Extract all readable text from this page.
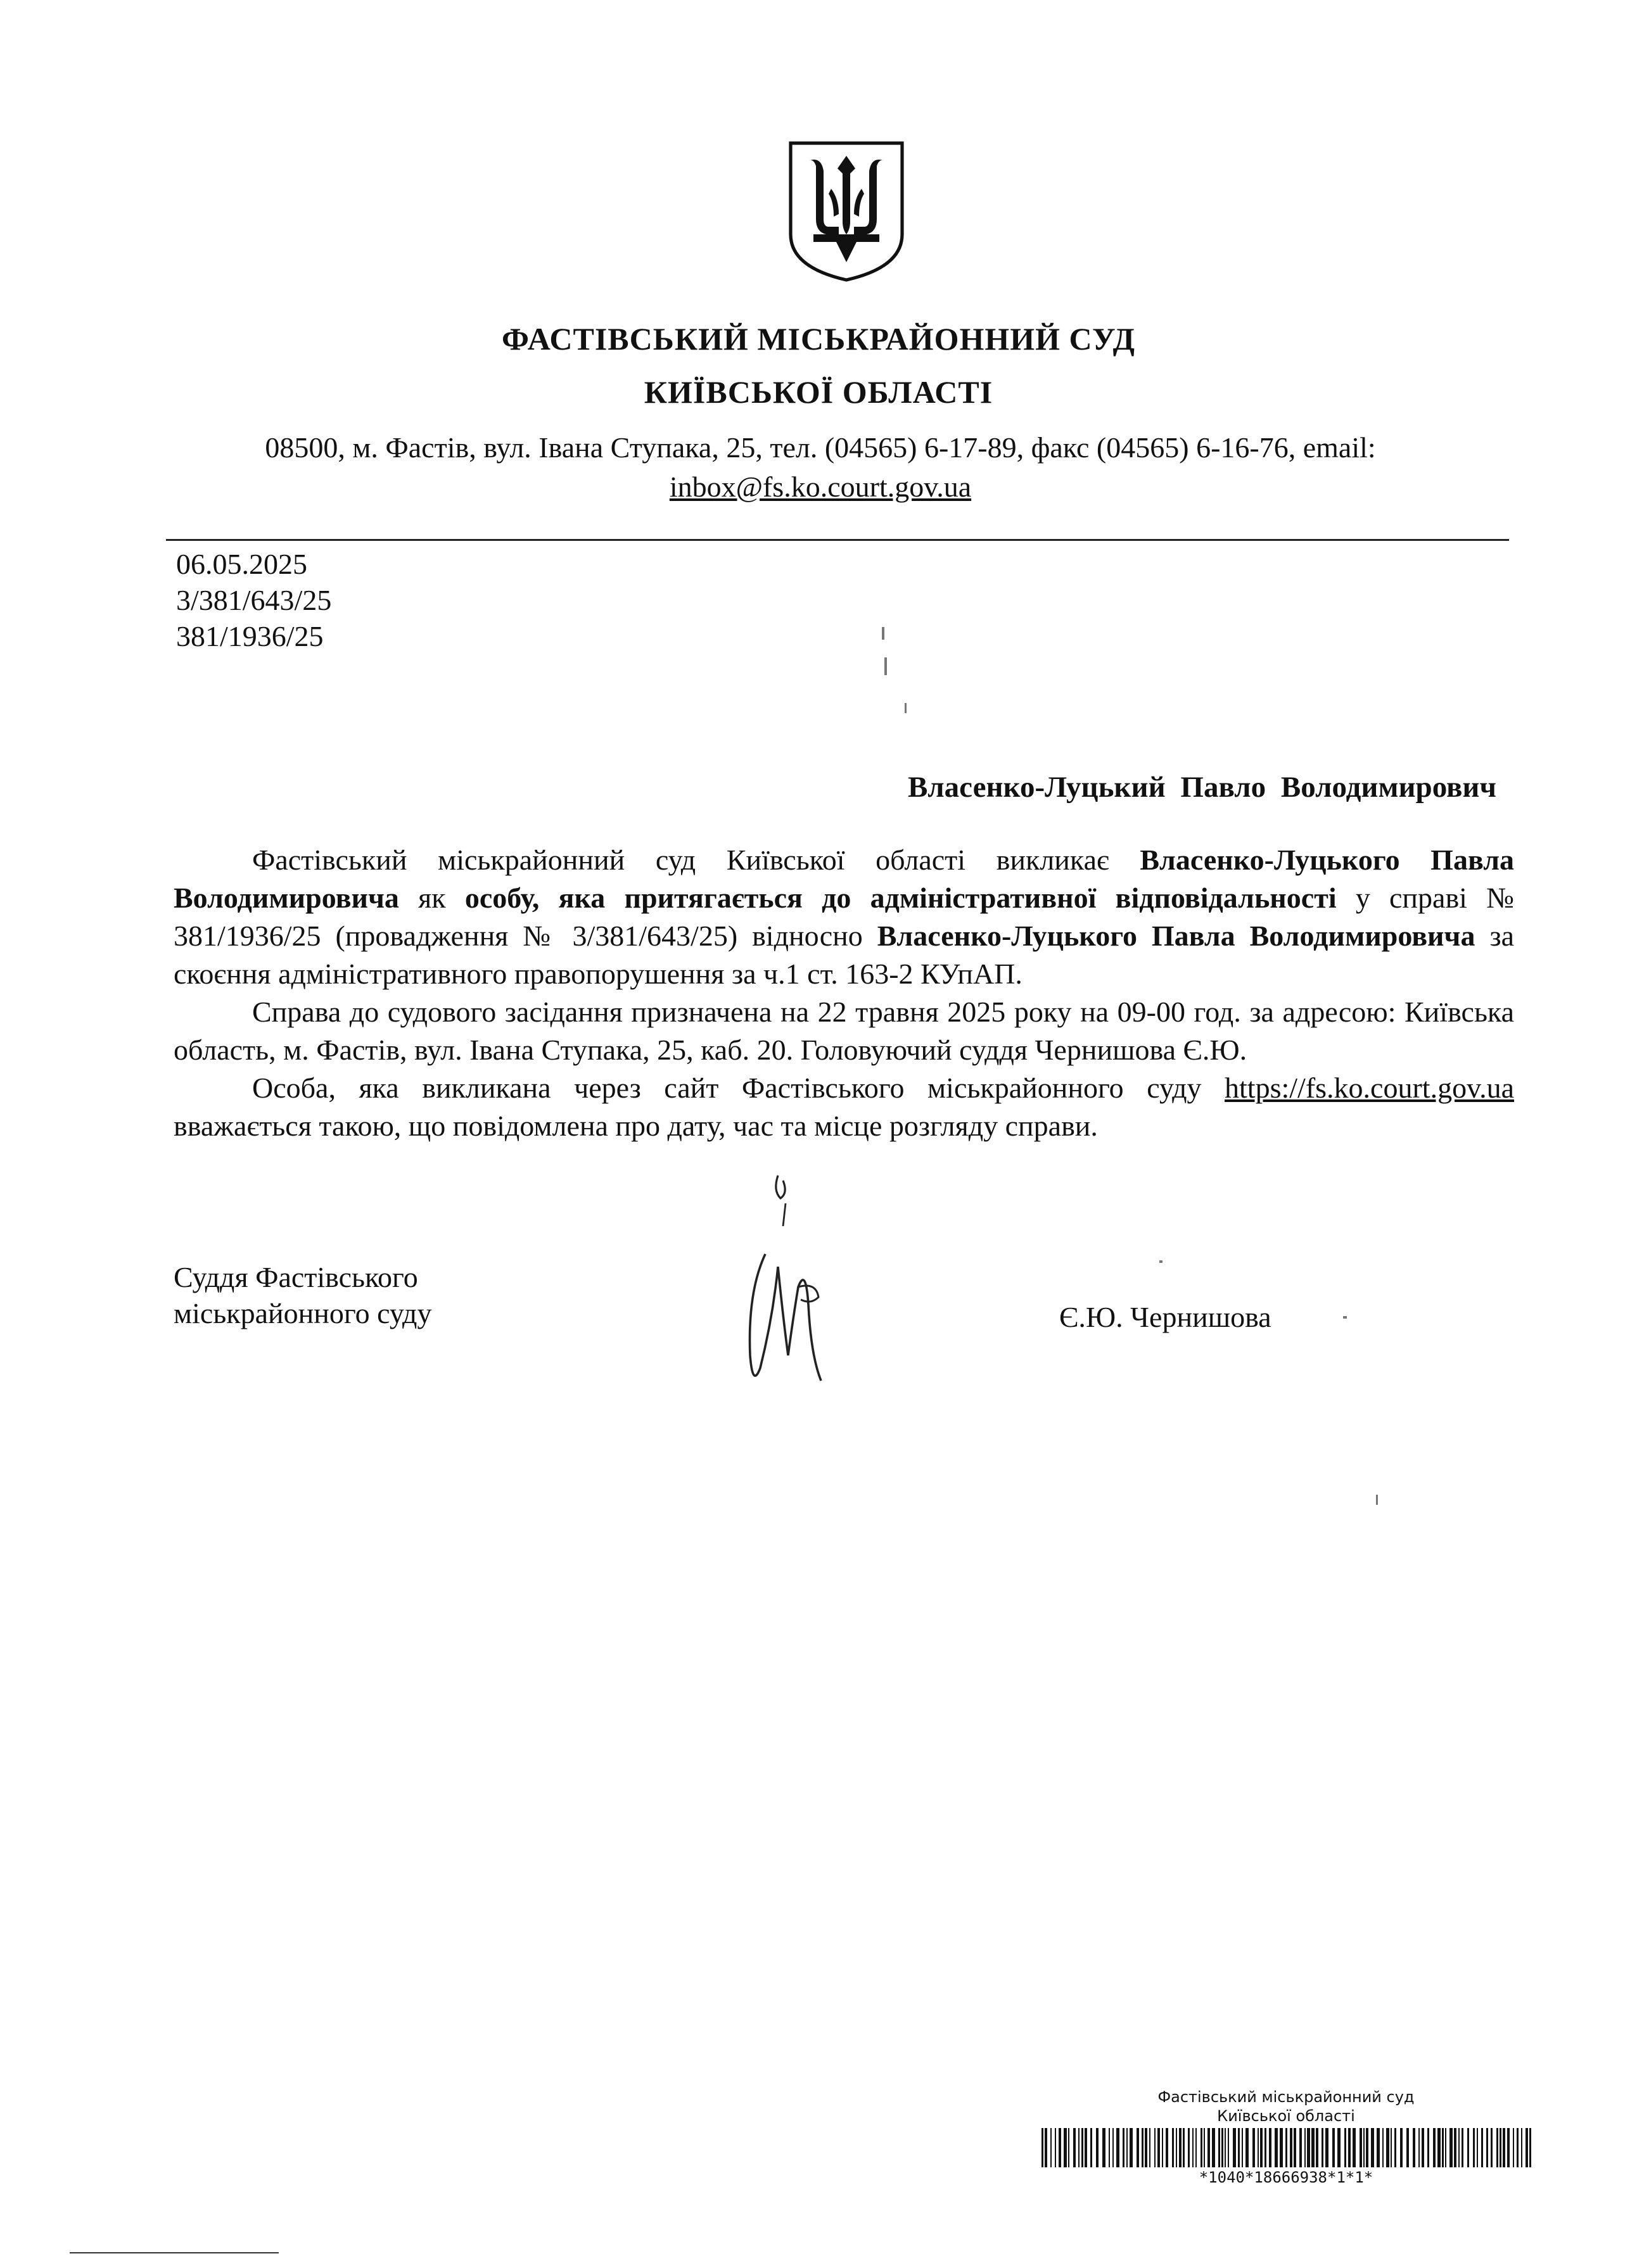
ФАСТІВСЬКИЙ МІСЬКРАЙОННИЙ СУД
КИЇВСЬКОЇ ОБЛАСТІ
08500, м. Фастів, вул. Івана Ступака, 25, тел. (04565) 6-17-89, факс (04565) 6-16-76, email:
inbox@fs.ko.court.gov.ua
06.05.2025
3/381/643/25
381/1936/25
Власенко-Луцький Павло Володимирович

Фастівський міськрайонний суд Київської області викликає Власенко-Луцького Павла Володимировича як особу, яка притягається до адміністративної відповідальності у справі № 381/1936/25 (провадження № 3/381/643/25) відносно Власенко-Луцького Павла Володимировича за скоєння адміністративного правопорушення за ч.1 ст. 163-2 КУпАП.

Справа до судового засідання призначена на 22 травня 2025 року на 09-00 год. за адресою: Київська область, м. Фастів, вул. Івана Ступака, 25, каб. 20. Головуючий суддя Чернишова Є.Ю.

Особа, яка викликана через сайт Фастівського міськрайонного суду https://fs.ko.court.gov.ua вважається такою, що повідомлена про дату, час та місце розгляду справи.

Суддя Фастівського
міськрайонного суду	Є.Ю. Чернишова
Фастівський міськрайонний суд
Київської області
*1040*18666938*1*1*
